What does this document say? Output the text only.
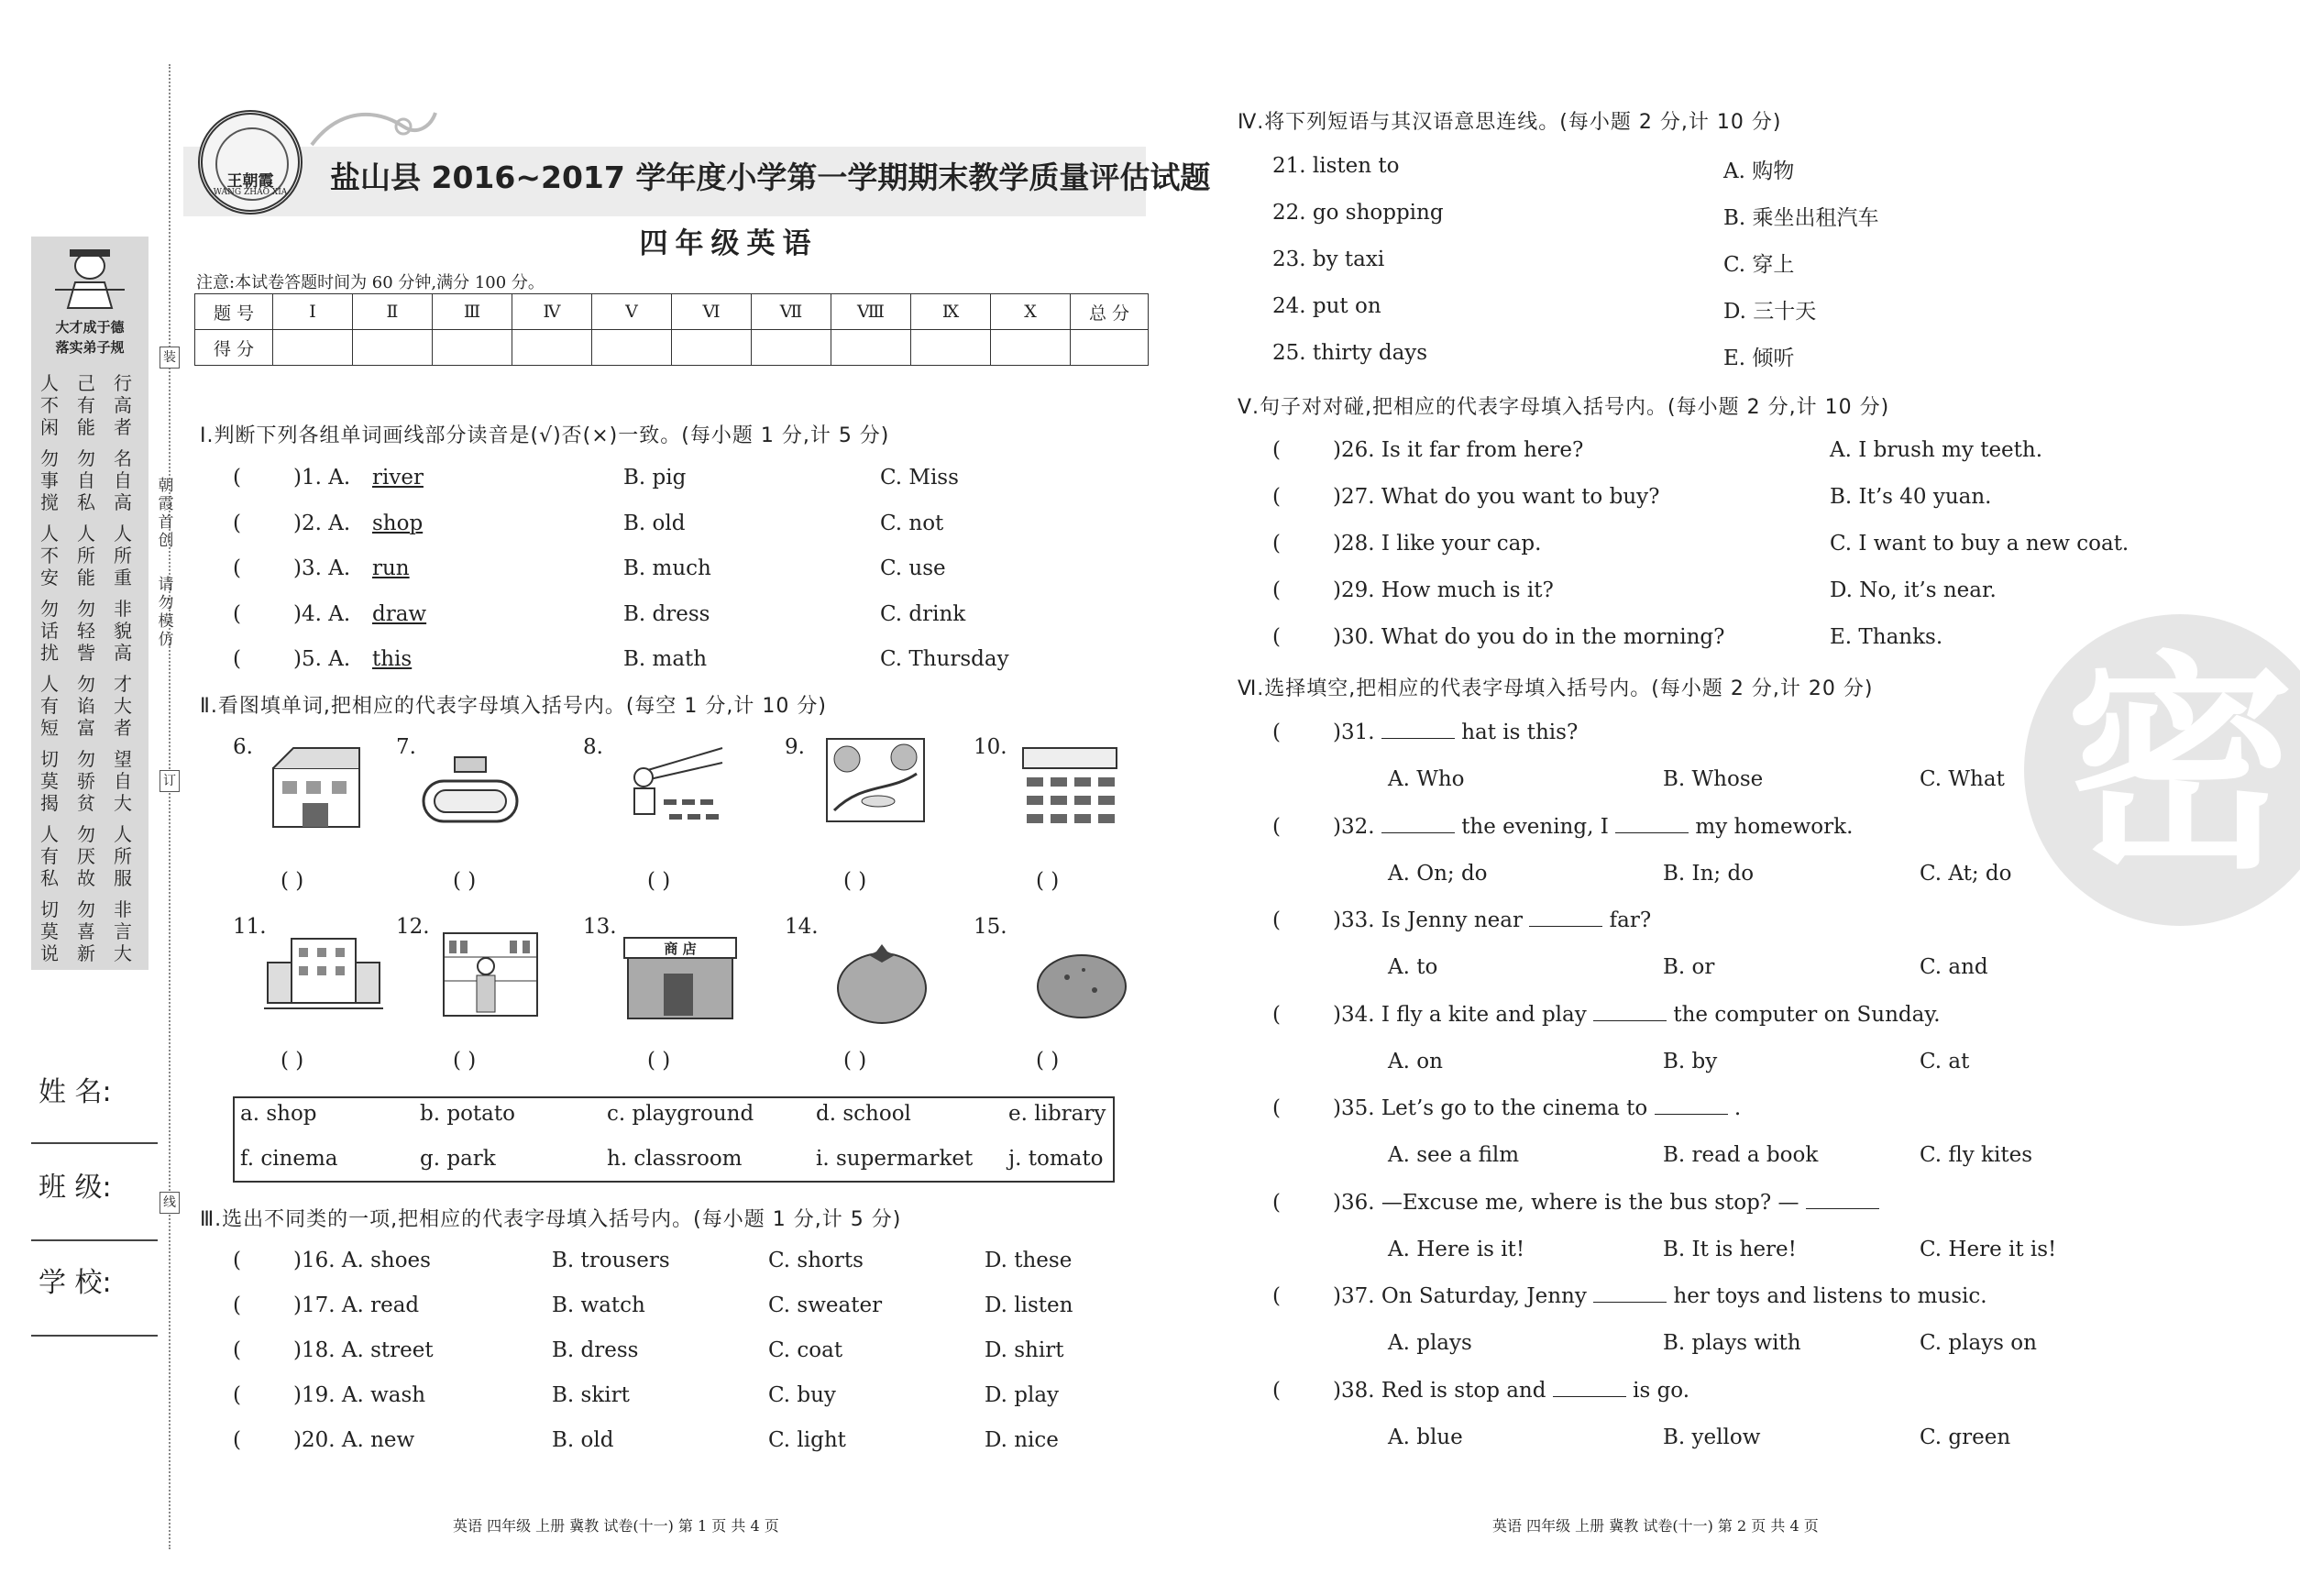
大才成于德
落实弟子规
人不闲
己有能
行高者
勿事搅
勿自私
名自高
人不安
人所能
人所重
勿话扰
勿轻訾
非貌高
人有短
勿谄富
才大者
切莫揭
勿骄贫
望自大
人有私
勿厌故
人所服
切莫说
勿喜新
非言大
朝霞首创
请勿模仿
装
订
线
姓 名:
班 级:
学 校:
王朝霞
WANG ZHAO XIA	盐山县 2016~2017 学年度小学第一学期期末教学质量评估试题
四年级英语
注意:本试卷答题时间为 60 分钟,满分 100 分。
题 号	Ⅰ	Ⅱ	Ⅲ	Ⅳ	Ⅴ	Ⅵ	Ⅶ	Ⅷ	Ⅸ	Ⅹ	总 分
得 分											
Ⅰ.判断下列各组单词画线部分读音是(√)否(×)一致。(每小题 1 分,计 5 分)
( )1. A. river	B. pig	C. Miss
( )2. A. shop	B. old	C. not
( )3. A. run	B. much	C. use
( )4. A. draw	B. dress	C. drink
( )5. A. this	B. math	C. Thursday
Ⅱ.看图填单词,把相应的代表字母填入括号内。(每空 1 分,计 10 分)
6.	7.	8.	9.	10.
11.	12.	13.	14.	15.
( )	( )	( )	( )	( )
( )	( )	( )	( )	( )
商 店
a. shop	b. potato	c. playground	d. school	e. library
f. cinema	g. park	h. classroom	i. supermarket j. tomato
Ⅲ.选出不同类的一项,把相应的代表字母填入括号内。(每小题 1 分,计 5 分)
( )16. A. shoes	B. trousers	C. shorts	D. these
( )17. A. read	B. watch	C. sweater	D. listen
( )18. A. street	B. dress	C. coat	D. shirt
( )19. A. wash	B. skirt	C. buy	D. play
( )20. A. new	B. old	C. light	D. nice
英语 四年级 上册 冀教 试卷(十一) 第 1 页 共 4 页
密
Ⅳ.将下列短语与其汉语意思连线。(每小题 2 分,计 10 分)
21. listen to	A. 购物
22. go shopping	B. 乘坐出租汽车
23. by taxi	C. 穿上
24. put on	D. 三十天
25. thirty days	E. 倾听
Ⅴ.句子对对碰,把相应的代表字母填入括号内。(每小题 2 分,计 10 分)
( )26. Is it far from here?	A. I brush my teeth.
( )27. What do you want to buy?	B. It’s 40 yuan.
( )28. I like your cap.	C. I want to buy a new coat.
( )29. How much is it?	D. No, it’s near.
( )30. What do you do in the morning?	E. Thanks.
Ⅵ.选择填空,把相应的代表字母填入括号内。(每小题 2 分,计 20 分)
( )31.	hat is this?
A. Who	B. Whose	C. What
( )32.	the evening, I	my homework.
A. On; do	B. In; do	C. At; do
( )33. Is Jenny near	far?
A. to	B. or	C. and
( )34. I fly a kite and play	the computer on Sunday.
A. on	B. by	C. at
( )35. Let’s go to the cinema to	.
A. see a film	B. read a book	C. fly kites
( )36. —Excuse me, where is the bus stop? —
A. Here is it!	B. It is here!	C. Here it is!
( )37. On Saturday, Jenny	her toys and listens to music.
A. plays	B. plays with	C. plays on
( )38. Red is stop and	is go.
A. blue	B. yellow	C. green
英语 四年级 上册 冀教 试卷(十一) 第 2 页 共 4 页
